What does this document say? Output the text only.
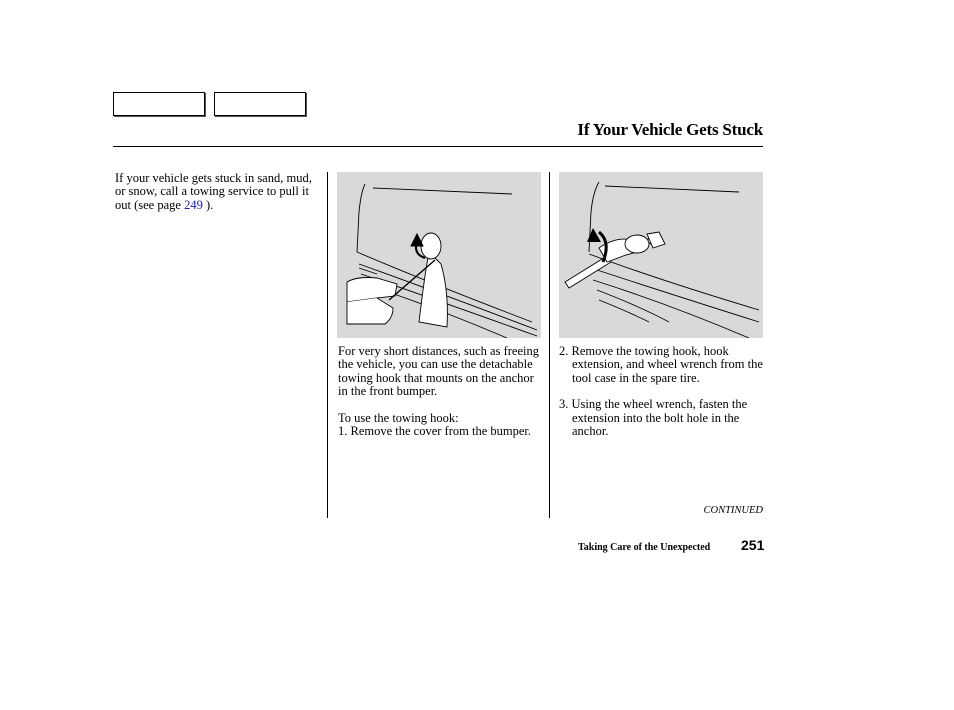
If Your Vehicle Gets Stuck
If your vehicle gets stuck in sand, mud, or snow, call a towing service to pull it out (see page 249 ).

For very short distances, such as freeing the vehicle, you can use the detachable towing hook that mounts on the anchor in the front bumper.

To use the towing hook:

1. Remove the cover from the bumper.

2. Remove the towing hook, hook extension, and wheel wrench from the tool case in the spare tire.

3. Using the wheel wrench, fasten the extension into the bolt hole in the anchor.

CONTINUED
Taking Care of the Unexpected 251
